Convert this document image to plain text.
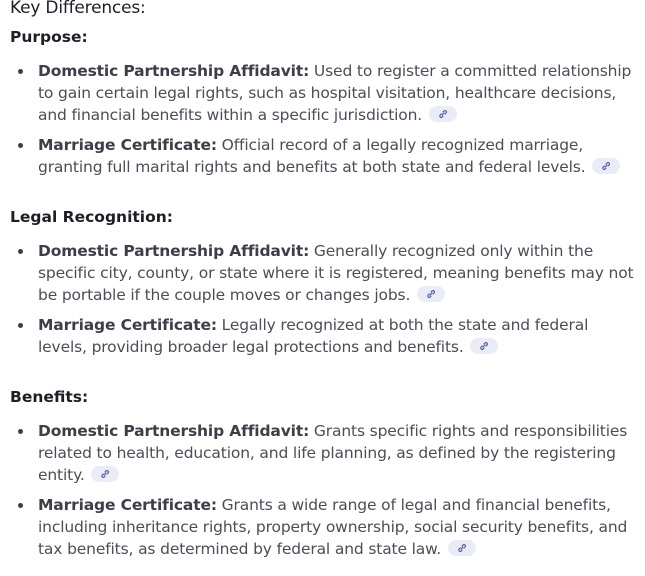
Key Differences:
Purpose:
Domestic Partnership Affidavit: Used to register a committed relationship to gain certain legal rights, such as hospital visitation, healthcare decisions, and financial benefits within a specific jurisdiction.
Marriage Certificate: Official record of a legally recognized marriage, granting full marital rights and benefits at both state and federal levels.
Legal Recognition:
Domestic Partnership Affidavit: Generally recognized only within the specific city, county, or state where it is registered, meaning benefits may not be portable if the couple moves or changes jobs.
Marriage Certificate: Legally recognized at both the state and federal levels, providing broader legal protections and benefits.
Benefits:
Domestic Partnership Affidavit: Grants specific rights and responsibilities related to health, education, and life planning, as defined by the registering entity.
Marriage Certificate: Grants a wide range of legal and financial benefits, including inheritance rights, property ownership, social security benefits, and tax benefits, as determined by federal and state law.
